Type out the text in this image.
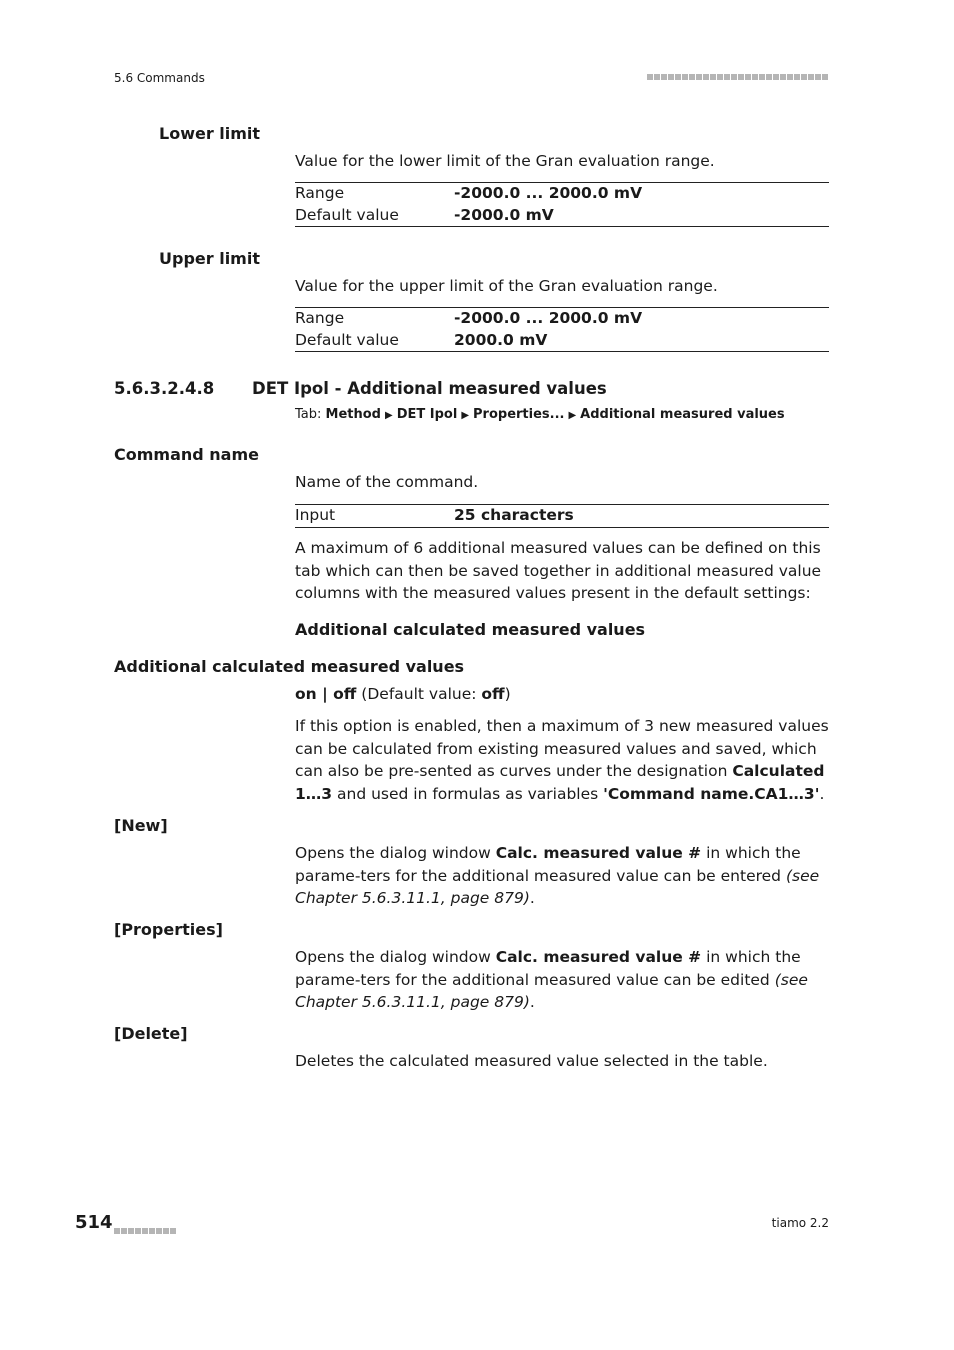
5.6 Commands
Lower limit
Value for the lower limit of the Gran evaluation range.
Range	-2000.0 ... 2000.0 mV
Default value	-2000.0 mV
Upper limit
Value for the upper limit of the Gran evaluation range.
Range	-2000.0 ... 2000.0 mV
Default value	2000.0 mV
5.6.3.2.4.8 DET Ipol - Additional measured values
Tab: Method ▶ DET Ipol ▶ Properties... ▶ Additional measured values
Command name
Name of the command.
Input	25 characters
A maximum of 6 additional measured values can be defined on this tab which can then be saved together in additional measured value columns with the measured values present in the default settings:
Additional calculated measured values
Additional calculated measured values
on | off (Default value: off)
If this option is enabled, then a maximum of 3 new measured values can be calculated from existing measured values and saved, which can also be pre-sented as curves under the designation Calculated 1…3 and used in formulas as variables 'Command name.CA1…3'.
[New]
Opens the dialog window Calc. measured value # in which the parame-ters for the additional measured value can be entered (see Chapter 5.6.3.11.1, page 879).
[Properties]
Opens the dialog window Calc. measured value # in which the parame-ters for the additional measured value can be edited (see Chapter 5.6.3.11.1, page 879).
[Delete]
Deletes the calculated measured value selected in the table.
514	tiamo 2.2
